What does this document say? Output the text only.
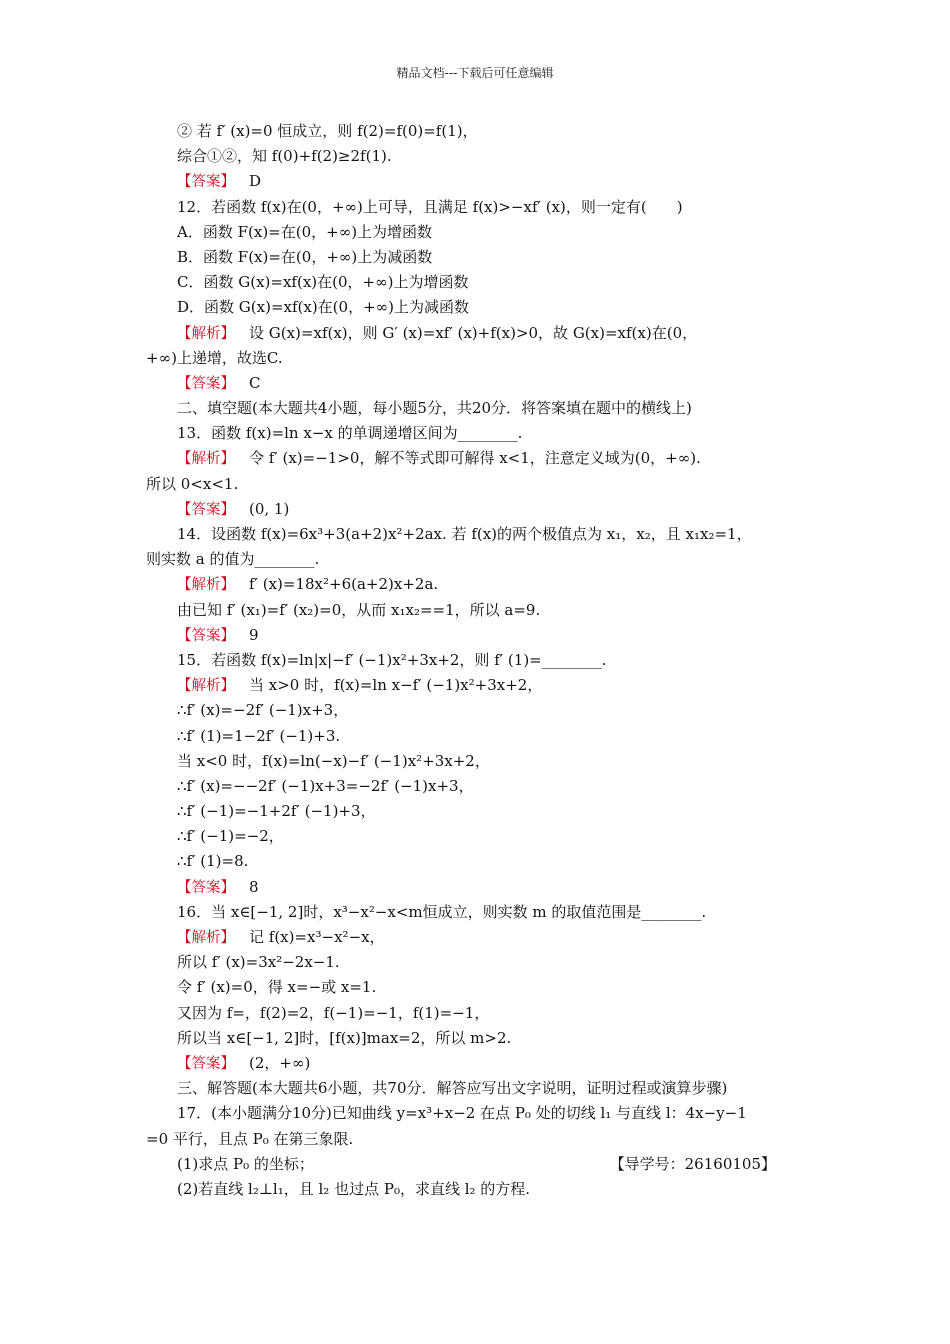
精品文档---下载后可任意编辑
② 若 f′ (x)=0 恒成立，则 f(2)=f(0)=f(1)，
综合①②，知 f(0)+f(2)≥2f(1).
【答案】 D
12．若函数 f(x)在(0，+∞)上可导，且满足 f(x)>−xf′ (x)，则一定有(　　)
A．函数 F(x)=在(0，+∞)上为增函数
B．函数 F(x)=在(0，+∞)上为减函数
C．函数 G(x)=xf(x)在(0，+∞)上为增函数
D．函数 G(x)=xf(x)在(0，+∞)上为减函数
【解析】 设 G(x)=xf(x)，则 G′ (x)=xf′ (x)+f(x)>0，故 G(x)=xf(x)在(0，
+∞)上递增，故选C.
【答案】 C
二、填空题(本大题共4小题，每小题5分，共20分．将答案填在题中的横线上)
13．函数 f(x)=ln x−x 的单调递增区间为________.
【解析】 令 f′ (x)=−1>0，解不等式即可解得 x<1，注意定义域为(0，+∞).
所以 0<x<1.
【答案】 (0, 1)
14．设函数 f(x)=6x³+3(a+2)x²+2ax. 若 f(x)的两个极值点为 x₁，x₂，且 x₁x₂=1，
则实数 a 的值为________.
【解析】 f′ (x)=18x²+6(a+2)x+2a.
由已知 f′ (x₁)=f′ (x₂)=0，从而 x₁x₂==1，所以 a=9.
【答案】 9
15．若函数 f(x)=ln|x|−f′ (−1)x²+3x+2，则 f′ (1)=________.
【解析】 当 x>0 时，f(x)=ln x−f′ (−1)x²+3x+2，
∴f′ (x)=−2f′ (−1)x+3，
∴f′ (1)=1−2f′ (−1)+3.
当 x<0 时，f(x)=ln(−x)−f′ (−1)x²+3x+2，
∴f′ (x)=−−2f′ (−1)x+3=−2f′ (−1)x+3，
∴f′ (−1)=−1+2f′ (−1)+3，
∴f′ (−1)=−2，
∴f′ (1)=8.
【答案】 8
16．当 x∈[−1, 2]时，x³−x²−x<m恒成立，则实数 m 的取值范围是________.
【解析】 记 f(x)=x³−x²−x，
所以 f′ (x)=3x²−2x−1.
令 f′ (x)=0，得 x=−或 x=1.
又因为 f=，f(2)=2，f(−1)=−1，f(1)=−1，
所以当 x∈[−1, 2]时，[f(x)]max=2，所以 m>2.
【答案】 (2，+∞)
三、解答题(本大题共6小题，共70分．解答应写出文字说明，证明过程或演算步骤)
17．(本小题满分10分)已知曲线 y=x³+x−2 在点 P₀ 处的切线 l₁ 与直线 l：4x−y−1
=0 平行，且点 P₀ 在第三象限.
(1)求点 P₀ 的坐标；	【导学号：26160105】
(2)若直线 l₂⊥l₁，且 l₂ 也过点 P₀，求直线 l₂ 的方程.
